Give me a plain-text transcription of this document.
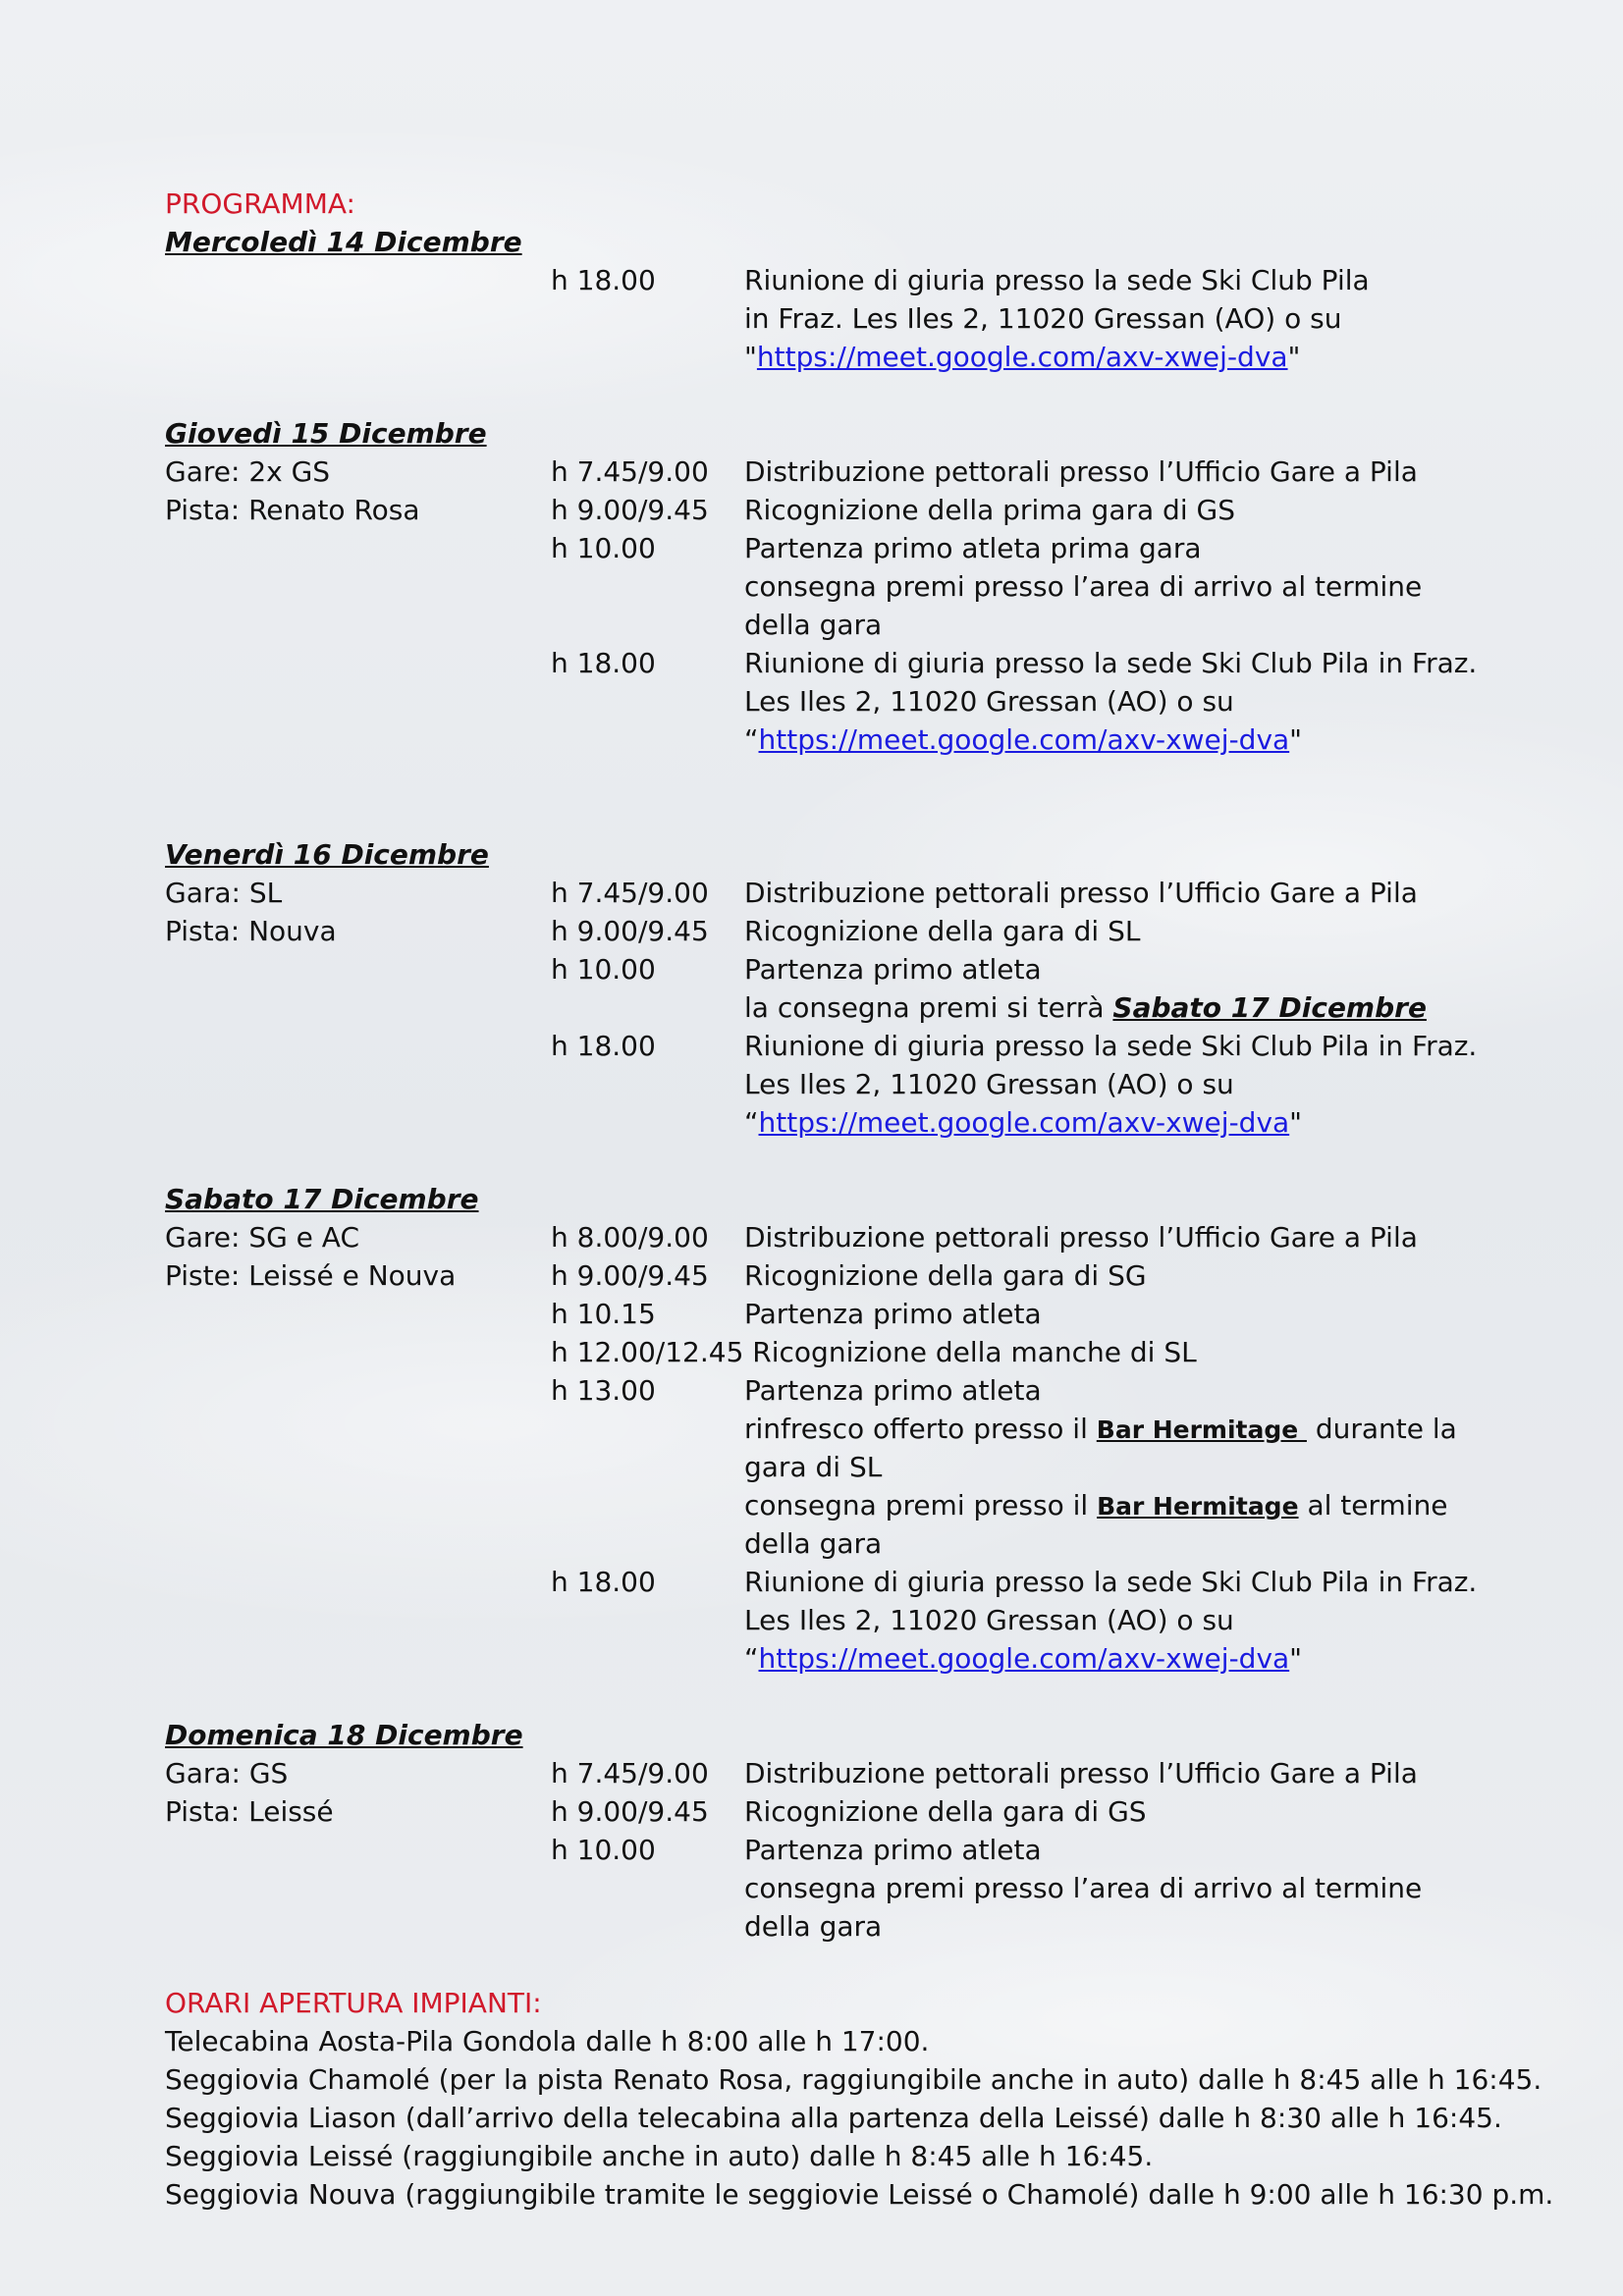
PROGRAMMA:
Mercoledì 14 Dicembre
h 18.00	Riunione di giuria presso la sede Ski Club Pila
in Fraz. Les Iles 2, 11020 Gressan (AO) o su
"https://meet.google.com/axv-xwej-dva"
Giovedì 15 Dicembre
Gare: 2x GS	h 7.45/9.00	Distribuzione pettorali presso l’Ufficio Gare a Pila
Pista: Renato Rosa	h 9.00/9.45	Ricognizione della prima gara di GS
h 10.00	Partenza primo atleta prima gara
consegna premi presso l’area di arrivo al termine
della gara
h 18.00	Riunione di giuria presso la sede Ski Club Pila in Fraz.
Les Iles 2, 11020 Gressan (AO) o su
“https://meet.google.com/axv-xwej-dva"
Venerdì 16 Dicembre
Gara: SL	h 7.45/9.00	Distribuzione pettorali presso l’Ufficio Gare a Pila
Pista: Nouva	h 9.00/9.45	Ricognizione della gara di SL
h 10.00	Partenza primo atleta
la consegna premi si terrà Sabato 17 Dicembre
h 18.00	Riunione di giuria presso la sede Ski Club Pila in Fraz.
Les Iles 2, 11020 Gressan (AO) o su
“https://meet.google.com/axv-xwej-dva"
Sabato 17 Dicembre
Gare: SG e AC	h 8.00/9.00	Distribuzione pettorali presso l’Ufficio Gare a Pila
Piste: Leissé e Nouva	h 9.00/9.45	Ricognizione della gara di SG
h 10.15	Partenza primo atleta
h 12.00/12.45 Ricognizione della manche di SL
h 13.00	Partenza primo atleta
rinfresco offerto presso il Bar Hermitage  durante la
gara di SL
consegna premi presso il Bar Hermitage al termine
della gara
h 18.00	Riunione di giuria presso la sede Ski Club Pila in Fraz.
Les Iles 2, 11020 Gressan (AO) o su
“https://meet.google.com/axv-xwej-dva"
Domenica 18 Dicembre
Gara: GS	h 7.45/9.00	Distribuzione pettorali presso l’Ufficio Gare a Pila
Pista: Leissé	h 9.00/9.45	Ricognizione della gara di GS
h 10.00	Partenza primo atleta
consegna premi presso l’area di arrivo al termine
della gara
ORARI APERTURA IMPIANTI:
Telecabina Aosta-Pila Gondola dalle h 8:00 alle h 17:00.
Seggiovia Chamolé (per la pista Renato Rosa, raggiungibile anche in auto) dalle h 8:45 alle h 16:45.
Seggiovia Liason (dall’arrivo della telecabina alla partenza della Leissé) dalle h 8:30 alle h 16:45.
Seggiovia Leissé (raggiungibile anche in auto) dalle h 8:45 alle h 16:45.
Seggiovia Nouva (raggiungibile tramite le seggiovie Leissé o Chamolé) dalle h 9:00 alle h 16:30 p.m.
